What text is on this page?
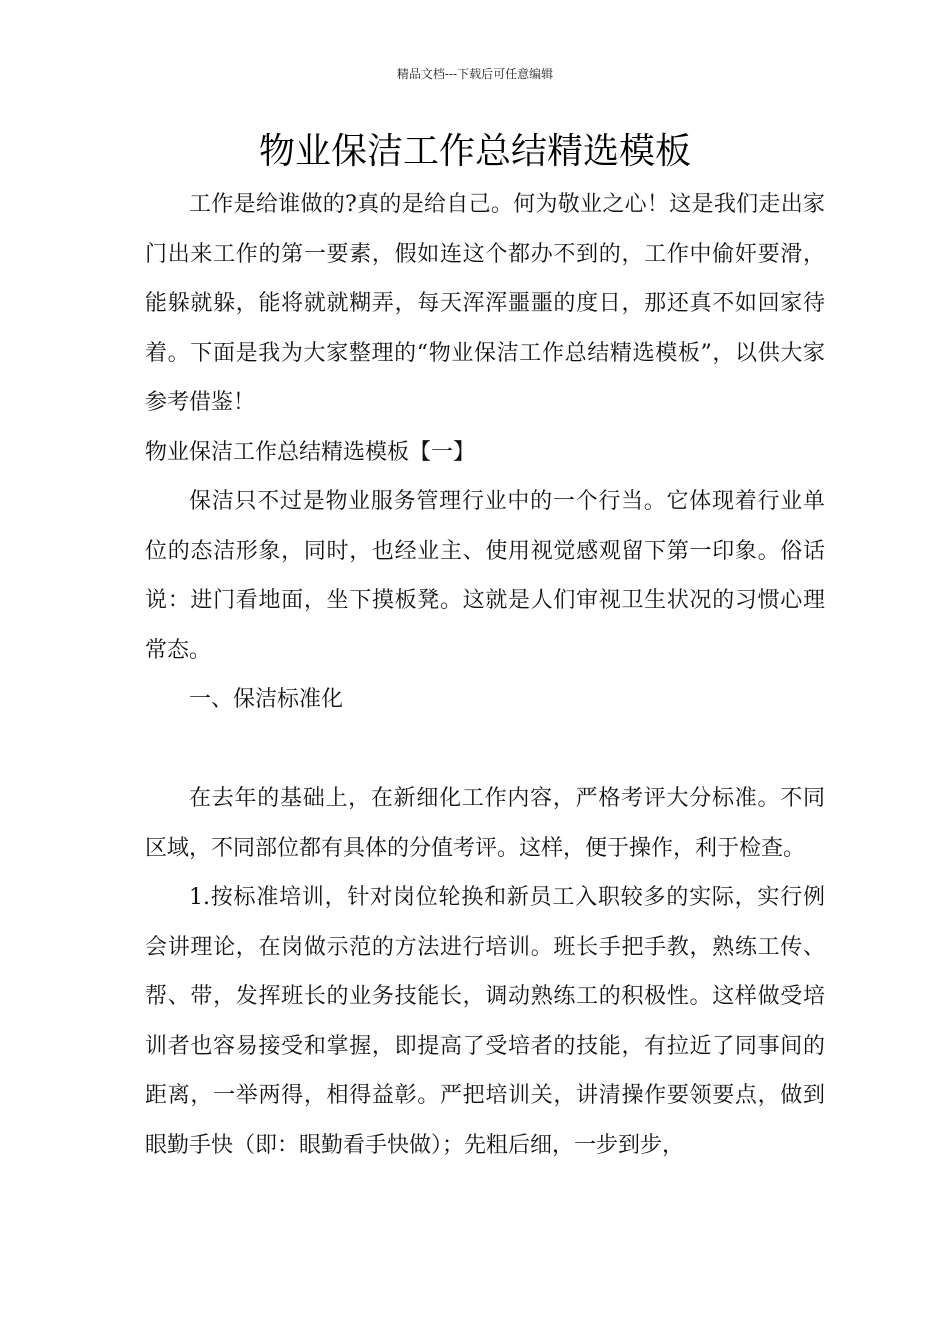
精品文档---下载后可任意编辑
物业保洁工作总结精选模板

工作是给谁做的?真的是给自己。何为敬业之心！这是我们走出家门出来工作的第一要素，假如连这个都办不到的，工作中偷奸要滑，能躲就躲，能将就就糊弄，每天浑浑噩噩的度日，那还真不如回家待着。下面是我为大家整理的“物业保洁工作总结精选模板”，以供大家参考借鉴！

物业保洁工作总结精选模板【一】

保洁只不过是物业服务管理行业中的一个行当。它体现着行业单位的态洁形象，同时，也经业主、使用视觉感观留下第一印象。俗话说：进门看地面，坐下摸板凳。这就是人们审视卫生状况的习惯心理常态。

一、保洁标准化

在去年的基础上，在新细化工作内容，严格考评大分标准。不同区域，不同部位都有具体的分值考评。这样，便于操作，利于检查。

1.按标准培训，针对岗位轮换和新员工入职较多的实际，实行例会讲理论，在岗做示范的方法进行培训。班长手把手教，熟练工传、帮、带，发挥班长的业务技能长，调动熟练工的积极性。这样做受培训者也容易接受和掌握，即提高了受培者的技能，有拉近了同事间的距离，一举两得，相得益彰。严把培训关，讲清操作要领要点，做到眼勤手快（即：眼勤看手快做）；先粗后细，一步到步，
